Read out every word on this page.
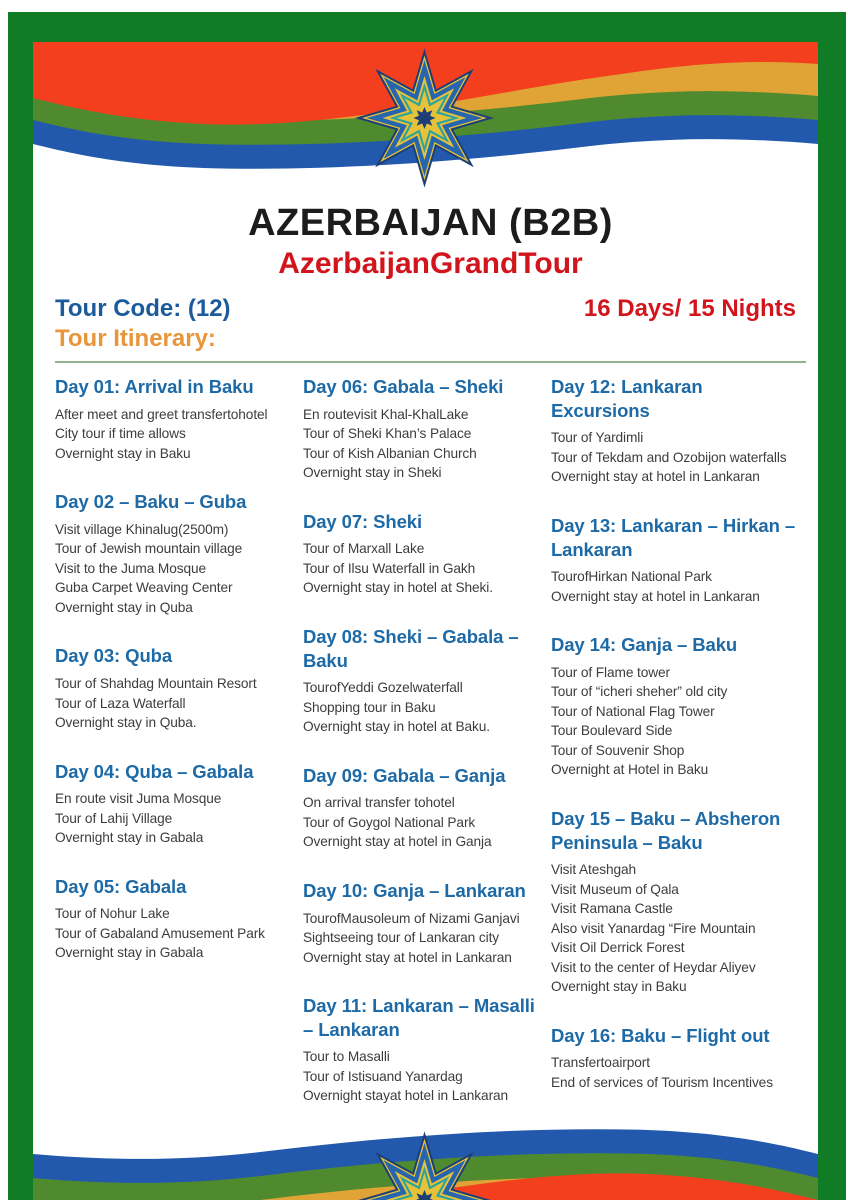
AZERBAIJAN (B2B)
AzerbaijanGrandTour
Tour Code: (12)	16 Days/ 15 Nights
Tour Itinerary:
Day 01: Arrival in Baku
After meet and greet transfertohotel
City tour if time allows
Overnight stay in Baku
Day 02 – Baku – Guba
Visit village Khinalug(2500m)
Tour of Jewish mountain village
Visit to the Juma Mosque
Guba Carpet Weaving Center
Overnight stay in Quba
Day 03: Quba
Tour of Shahdag Mountain Resort
Tour of Laza Waterfall
Overnight stay in Quba.
Day 04: Quba – Gabala
En route visit Juma Mosque
Tour of Lahij Village
Overnight stay in Gabala
Day 05: Gabala
Tour of Nohur Lake
Tour of Gabaland Amusement Park
Overnight stay in Gabala
Day 06: Gabala – Sheki
En routevisit Khal-KhalLake
Tour of Sheki Khan’s Palace
Tour of Kish Albanian Church
Overnight stay in Sheki
Day 07: Sheki
Tour of Marxall Lake
Tour of Ilsu Waterfall in Gakh
Overnight stay in hotel at Sheki.
Day 08: Sheki – Gabala – Baku
TourofYeddi Gozelwaterfall
Shopping tour in Baku
Overnight stay in hotel at Baku.
Day 09: Gabala – Ganja
On arrival transfer tohotel
Tour of Goygol National Park
Overnight stay at hotel in Ganja
Day 10: Ganja – Lankaran
TourofMausoleum of Nizami Ganjavi
Sightseeing tour of Lankaran city
Overnight stay at hotel in Lankaran
Day 11: Lankaran – Masalli – Lankaran
Tour to Masalli
Tour of Istisuand Yanardag
Overnight stayat hotel in Lankaran
Day 12: Lankaran Excursions
Tour of Yardimli
Tour of Tekdam and Ozobijon waterfalls
Overnight stay at hotel in Lankaran
Day 13: Lankaran – Hirkan – Lankaran
TourofHirkan National Park
Overnight stay at hotel in Lankaran
Day 14: Ganja – Baku
Tour of Flame tower
Tour of “icheri sheher” old city
Tour of National Flag Tower
Tour Boulevard Side
Tour of Souvenir Shop
Overnight at Hotel in Baku
Day 15 – Baku – Absheron Peninsula – Baku
Visit Ateshgah
Visit Museum of Qala
Visit Ramana Castle
Also visit Yanardag “Fire Mountain
Visit Oil Derrick Forest
Visit to the center of Heydar Aliyev
Overnight stay in Baku
Day 16: Baku – Flight out
Transfertoairport
End of services of Tourism Incentives
